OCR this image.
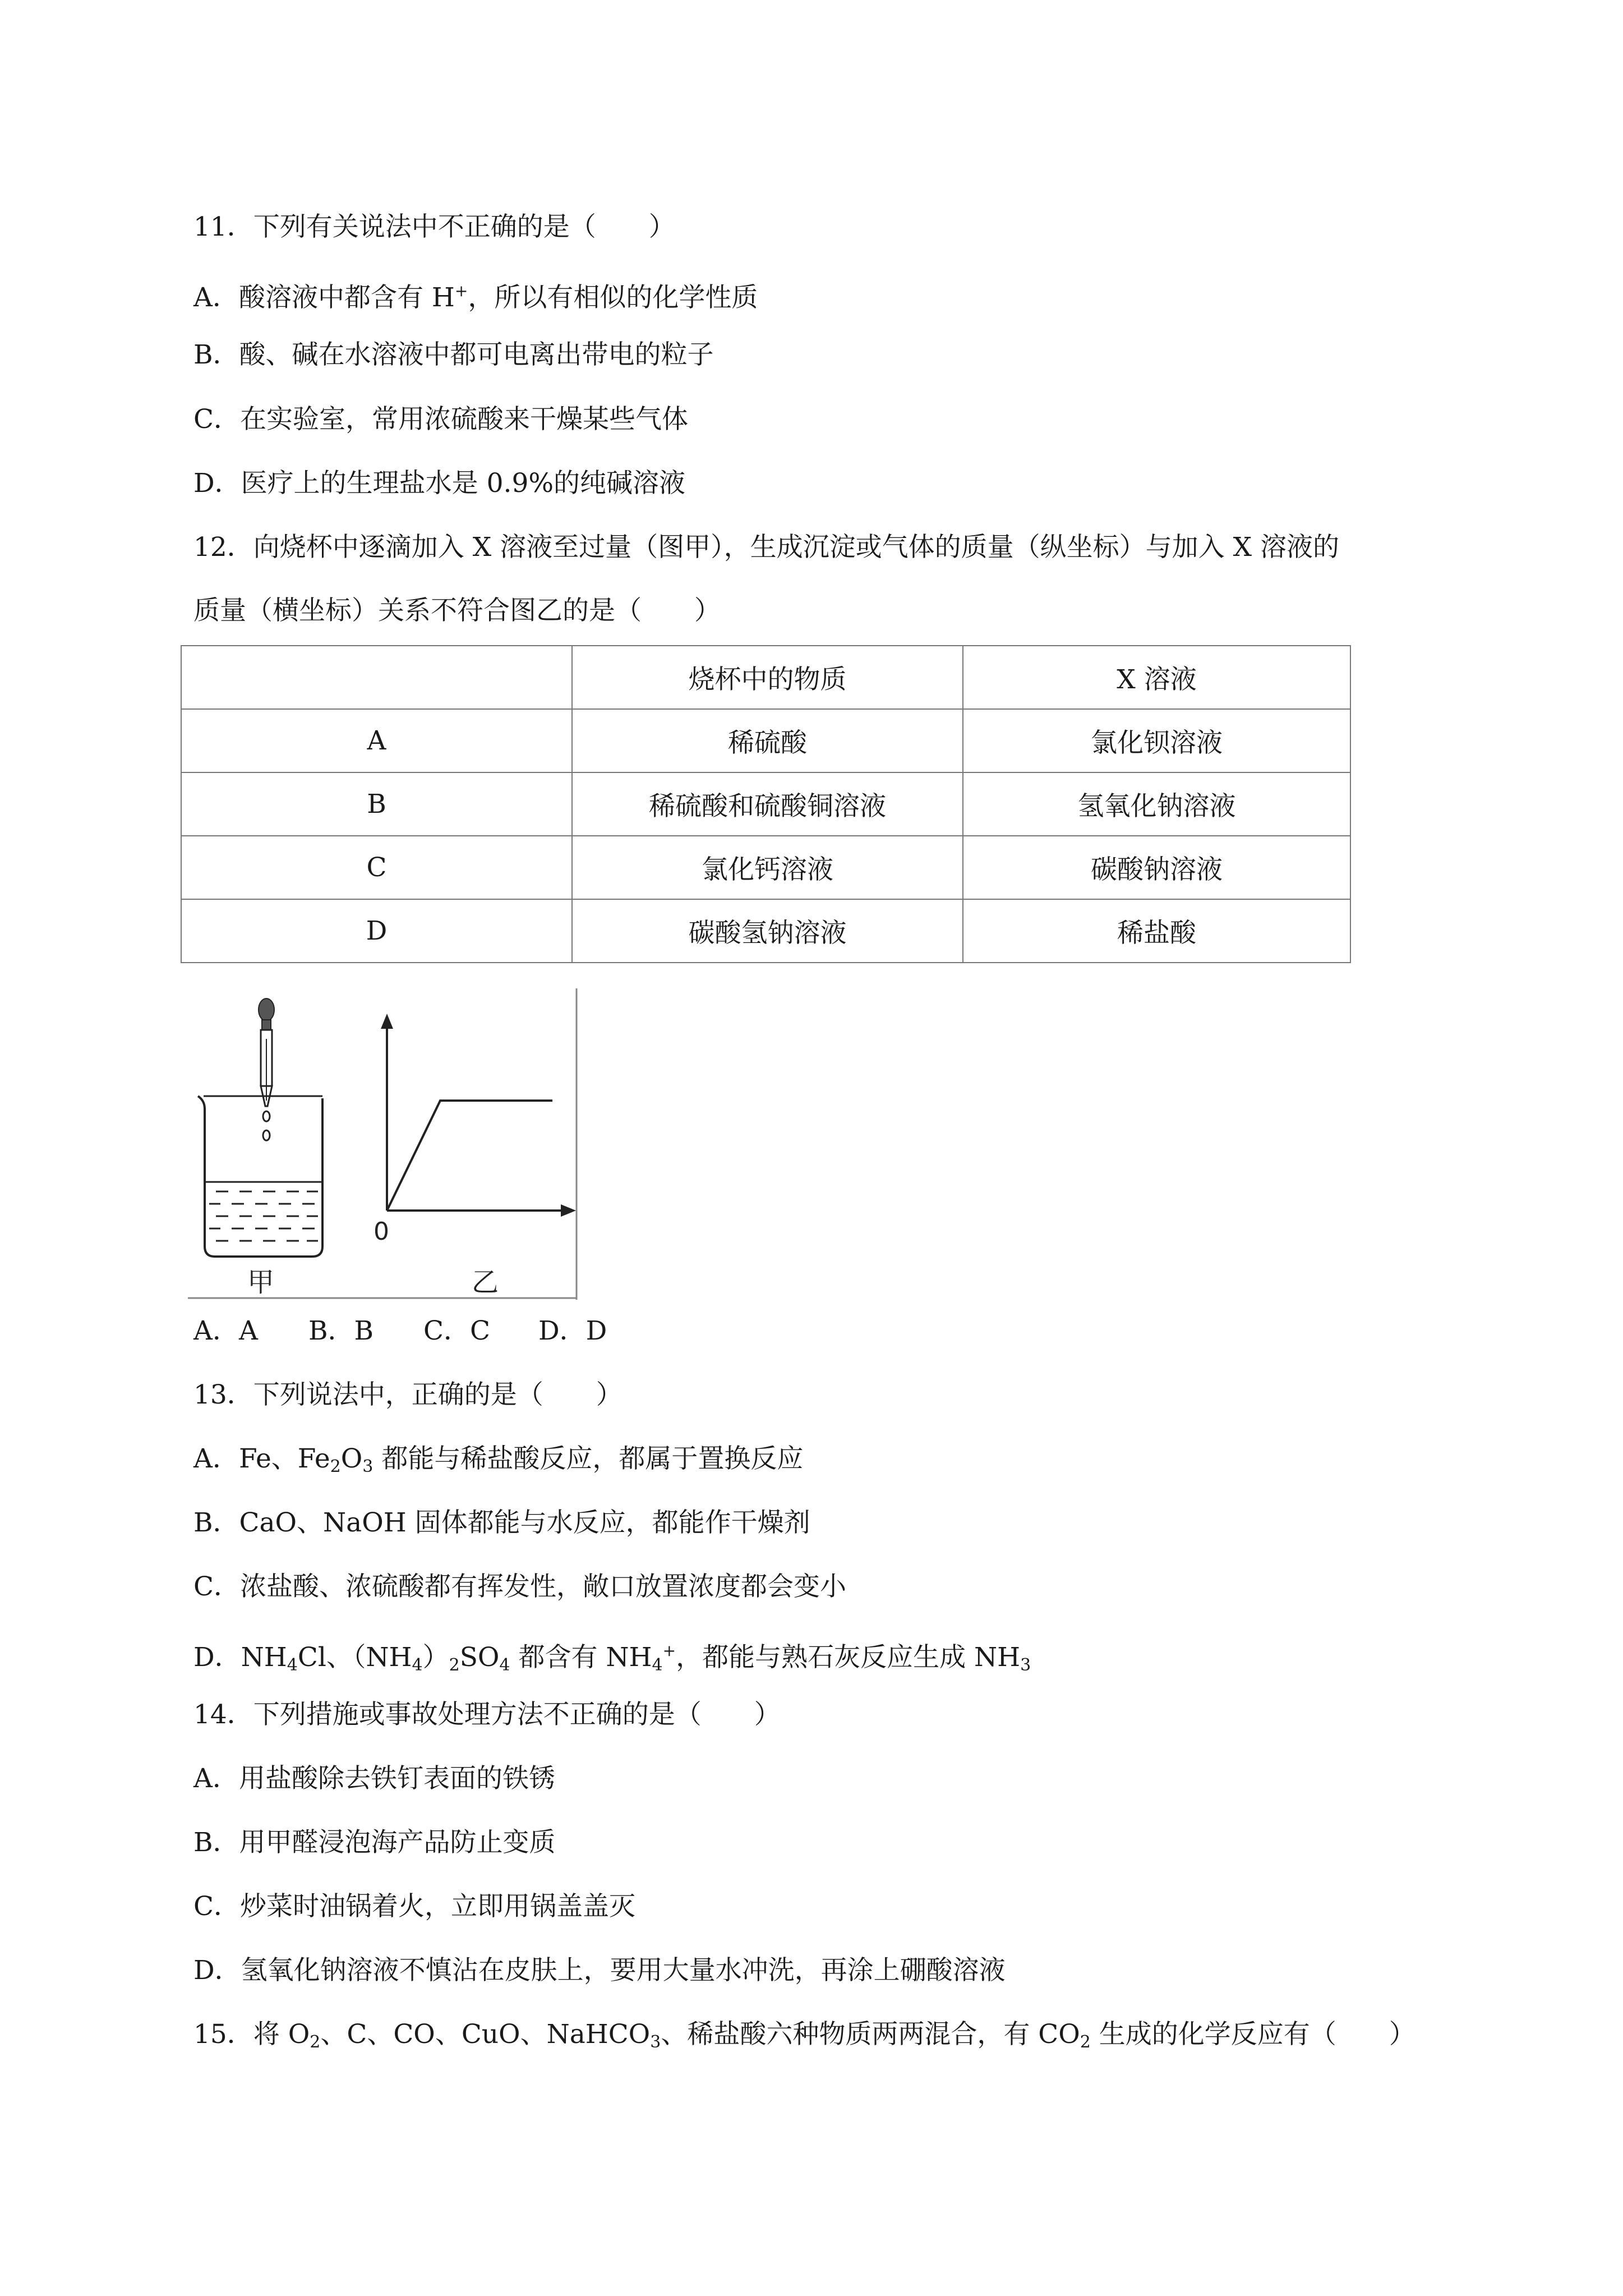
11．下列有关说法中不正确的是（　　）
A．酸溶液中都含有 H+，所以有相似的化学性质
B．酸、碱在水溶液中都可电离出带电的粒子
C．在实验室，常用浓硫酸来干燥某些气体
D．医疗上的生理盐水是 0.9%的纯碱溶液
12．向烧杯中逐滴加入 X 溶液至过量（图甲），生成沉淀或气体的质量（纵坐标）与加入 X 溶液的
质量（横坐标）关系不符合图乙的是（　　）
	烧杯中的物质	X 溶液
A	稀硫酸	氯化钡溶液
B	稀硫酸和硫酸铜溶液	氢氧化钠溶液
C	氯化钙溶液	碳酸钠溶液
D	碳酸氢钠溶液	稀盐酸
甲
0
乙
A．A B．B C．C D．D
13．下列说法中，正确的是（　　）
A．Fe、$Fe_2O_3$ 都能与稀盐酸反应，都属于置换反应
B．CaO、NaOH 固体都能与水反应，都能作干燥剂
C．浓盐酸、浓硫酸都有挥发性，敞口放置浓度都会变小
D．$NH_4Cl$、$(NH_4)_2SO_4$ 都含有 $NH_4^+$，都能与熟石灰反应生成 $NH_3$
14．下列措施或事故处理方法不正确的是（　　）
A．用盐酸除去铁钉表面的铁锈
B．用甲醛浸泡海产品防止变质
C．炒菜时油锅着火，立即用锅盖盖灭
D．氢氧化钠溶液不慎沾在皮肤上，要用大量水冲洗，再涂上硼酸溶液
15．将 $O_2$、C、CO、CuO、NaHCO$_3$、稀盐酸六种物质两两混合，有 $CO_2$ 生成的化学反应有（　　）
